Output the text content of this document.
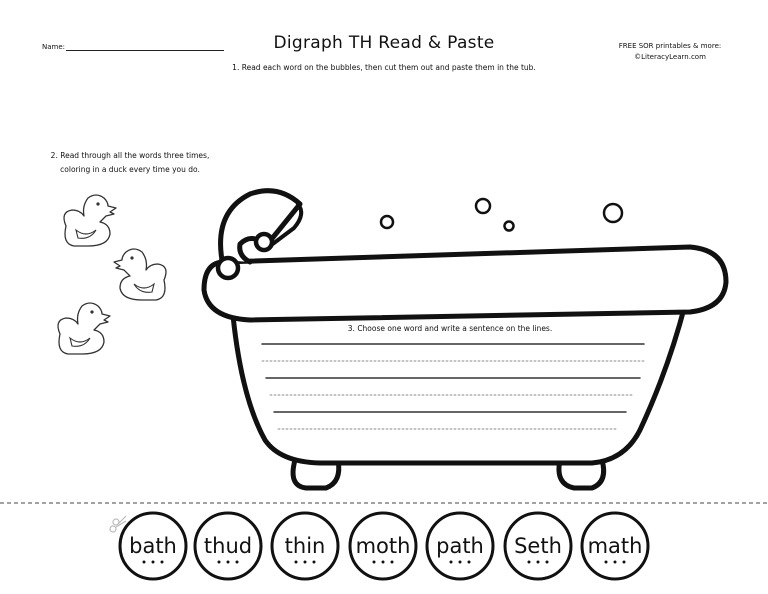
Name:	Digraph TH Read & Paste	FREE SOR printables & more:
©LiteracyLearn.com
1. Read each word on the bubbles, then cut them out and paste them in the tub.
2. Read through all the words three times,
coloring in a duck every time you do.
bath thud thin moth path Seth math
3. Choose one word and write a sentence on the lines.
